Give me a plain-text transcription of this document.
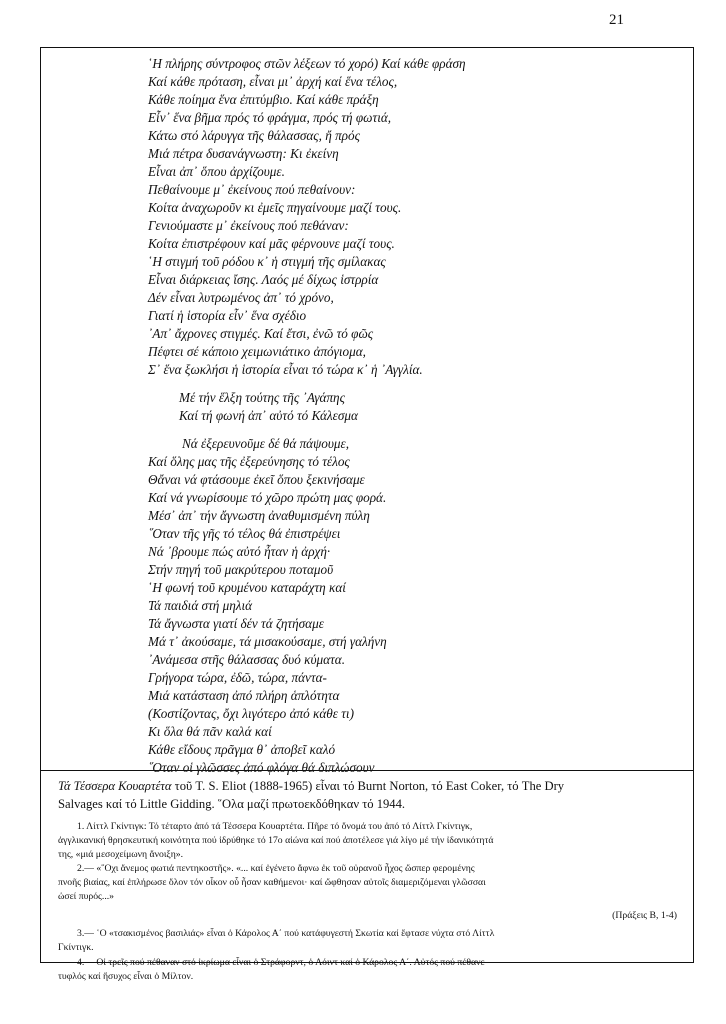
21
῾Η πλήρης σύντροφος στῶν λέξεων τό χορό) Καί κάθε φράση
Καί κάθε πρόταση, εἶναι μι᾿ ἀρχή καί ἕνα τέλος,
Κάθε ποίημα ἕνα ἐπιτύμβιο. Καί κάθε πράξη
Εἶν᾿ ἕνα βῆμα πρός τό φράγμα, πρός τή φωτιά,
Κάτω στό λάρυγγα τῆς θάλασσας, ἤ πρός
Μιά πέτρα δυσανάγνωστη: Κι ἐκείνη
Εἶναι ἀπ᾿ ὅπου ἀρχίζουμε.
Πεθαίνουμε μ᾿ ἐκείνους πού πεθαίνουν:
Κοίτα ἀναχωροῦν κι ἐμεῖς πηγαίνουμε μαζί τους.
Γενιούμαστε μ᾿ ἐκείνους πού πεθάναν:
Κοίτα ἐπιστρέφουν καί μᾶς φέρνουνε μαζί τους.
῾Η στιγμή τοῦ ρόδου κ᾿ ἡ στιγμή τῆς σμίλακας
Εἶναι διάρκειας ἴσης. Λαός μέ δίχως ἱστρρία
Δέν εἶναι λυτρωμένος ἀπ᾿ τό χρόνο,
Γιατί ἡ ἱστορία εἶν᾿ ἕνα σχέδιο
᾿Απ᾿ ἄχρονες στιγμές. Καί ἔτσι, ἐνῶ τό φῶς
Πέφτει σέ κάποιο χειμωνιάτικο ἀπόγιομα,
Σ᾿ ἕνα ξωκλήσι ἡ ἱστορία εἶναι τό τώρα κ᾿ ἡ ᾿Αγγλία.
Μέ τήν ἕλξη τούτης τῆς ᾿Αγάπης
Καί τή φωνή ἀπ᾿ αὐτό τό Κάλεσμα
Νά ἐξερευνοῦμε δέ θά πάψουμε,
Καί ὅλης μας τῆς ἐξερεύνησης τό τέλος
Θἄναι νά φτάσουμε ἐκεῖ ὅπου ξεκινήσαμε
Καί νά γνωρίσουμε τό χῶρο πρώτη μας φορά.
Μέσ᾿ ἀπ᾿ τήν ἄγνωστη ἀναθυμισμένη πύλη
῞Οταν τῆς γῆς τό τέλος θά ἐπιστρέψει
Νά ᾿βρουμε πώς αὐτό ἦταν ἡ ἀρχή·
Στήν πηγή τοῦ μακρύτερου ποταμοῦ
῾Η φωνή τοῦ κρυμένου καταράχτη καί
Τά παιδιά στή μηλιά
Τά ἄγνωστα γιατί δέν τά ζητήσαμε
Μά τ᾿ ἀκούσαμε, τά μισακούσαμε, στή γαλήνη
᾿Ανάμεσα στῆς θάλασσας δυό κύματα.
Γρήγορα τώρα, ἐδῶ, τώρα, πάντα-
Μιά κατάσταση ἀπό πλήρη ἁπλότητα
(Κοστίζοντας, ὄχι λιγότερο ἀπό κάθε τι)
Κι ὅλα θά πᾶν καλά καί
Κάθε εἴδους πρᾶγμα θ᾿ ἀποβεῖ καλό
῞Οταν οἱ γλῶσσες ἀπό φλόγα θά διπλώσουν
Τά Τέσσερα Κουαρτέτα τοῦ T. S. Eliot (1888-1965) εἶναι τό Burnt Norton, τό East Coker, τό The Dry
Salvages καί τό Little Gidding. ῞Ολα μαζί πρωτοεκδόθηκαν τό 1944.
1. Λίττλ Γκίντιγκ: Τό τέταρτο ἀπό τά Τέσσερα Κουαρτέτα. Πῆρε τό ὄνομά του ἀπό τό Λίττλ Γκίντιγκ,
ἀγγλικανική θρησκευτική κοινότητα πού ἱδρύθηκε τό 17ο αἰώνα καί πού ἀποτέλεσε γιά λίγο μέ τήν ἰδανικότητά
της, «μιά μεσοχείμωνη ἄνοιξη».
2.— «῞Οχι ἄνεμος φωτιά πεντηκοστῆς». «... καί ἐγένετο ἄφνω ἐκ τοῦ οὐρανοῦ ἦχος ὥσπερ φερομένης
πνοῆς βιαίας, καί ἐπλήρωσε ὅλον τόν οἶκον οὗ ἦσαν καθήμενοι· καί ὤφθησαν αὐτοῖς διαμεριζόμεναι γλῶσσαι
ὡσεί πυρός...»
(Πράξεις Β, 1-4)
3.— ῾Ο «τσακισμένος βασιλιάς» εἶναι ὁ Κάρολος Α΄ πού κατάφυγεστή Σκωτία καί ἔφτασε νύχτα στό Λίττλ
Γκίντιγκ.
4.— Οἱ τρεῖς πού πέθαναν στό ἰκρίωμα εἶναι ὁ Στράφορντ, ὁ Λόιντ καί ὁ Κάρολος Α΄. Αὐτός πού πέθανε
τυφλός καί ἥσυχος εἶναι ὁ Μίλτον.
